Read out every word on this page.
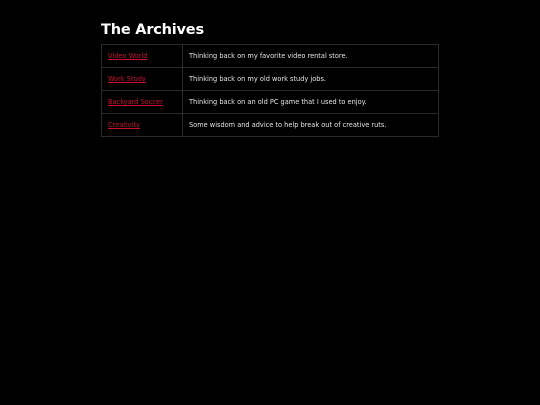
The Archives
Video World	Thinking back on my favorite video rental store.
Work Study	Thinking back on my old work study jobs.
Backyard Soccer	Thinking back on an old PC game that I used to enjoy.
Creativity	Some wisdom and advice to help break out of creative ruts.
